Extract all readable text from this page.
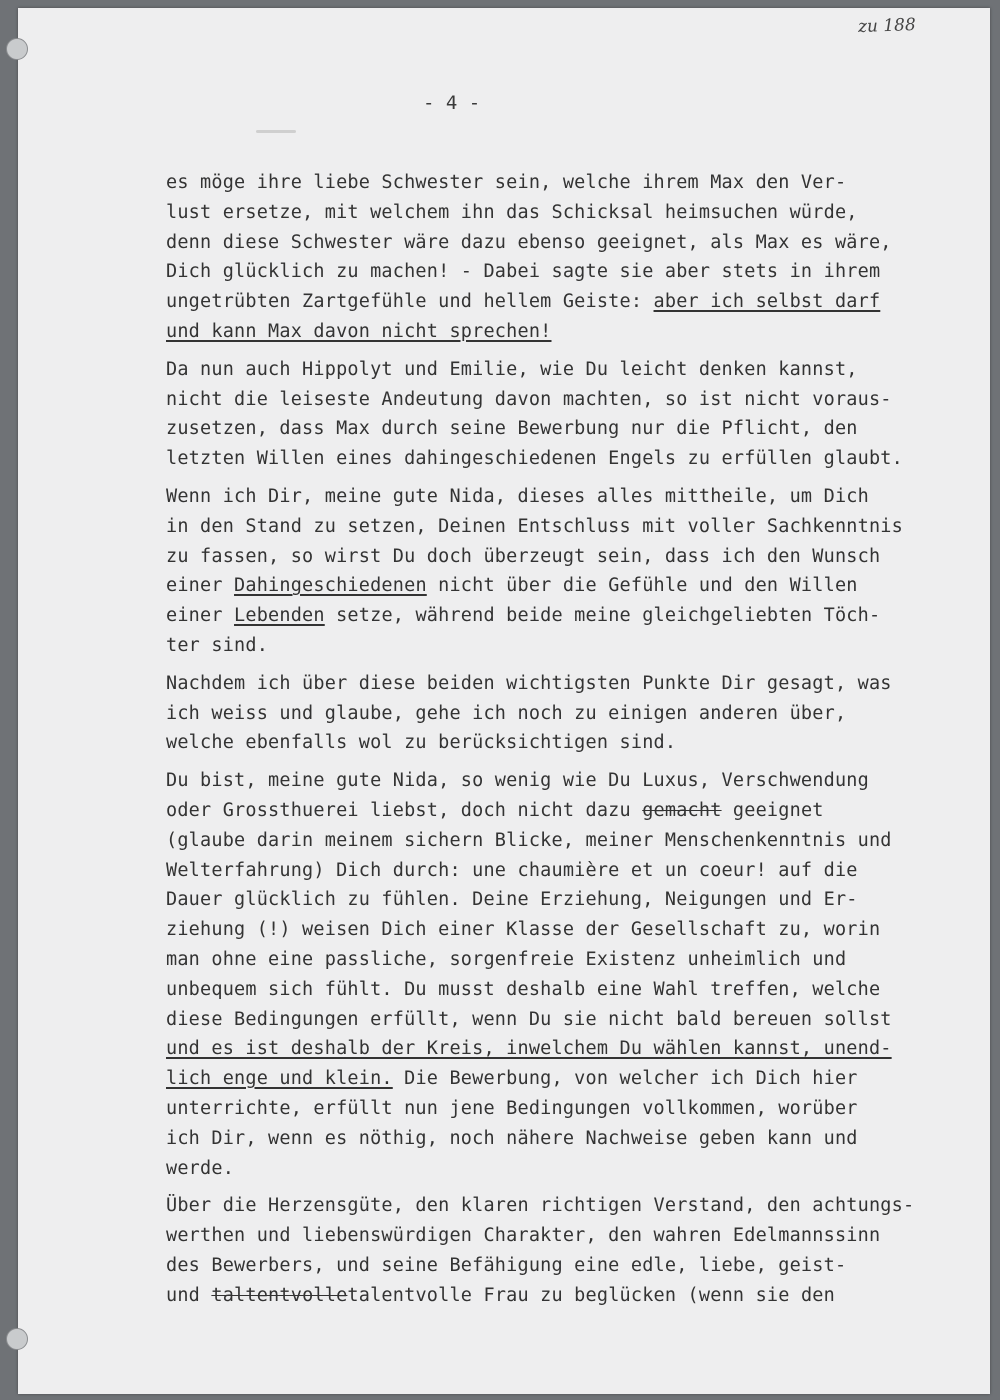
zu 188
- 4 -
es möge ihre liebe Schwester sein, welche ihrem Max den Ver-
lust ersetze, mit welchem ihn das Schicksal heimsuchen würde,
denn diese Schwester wäre dazu ebenso geeignet, als Max es wäre,
Dich glücklich zu machen! - Dabei sagte sie aber stets in ihrem
ungetrübten Zartgefühle und hellem Geiste: aber ich selbst darf
und kann Max davon nicht sprechen!
Da nun auch Hippolyt und Emilie, wie Du leicht denken kannst,
nicht die leiseste Andeutung davon machten, so ist nicht voraus-
zusetzen, dass Max durch seine Bewerbung nur die Pflicht, den
letzten Willen eines dahingeschiedenen Engels zu erfüllen glaubt.
Wenn ich Dir, meine gute Nida, dieses alles mittheile, um Dich
in den Stand zu setzen, Deinen Entschluss mit voller Sachkenntnis
zu fassen, so wirst Du doch überzeugt sein, dass ich den Wunsch
einer Dahingeschiedenen nicht über die Gefühle und den Willen
einer Lebenden setze, während beide meine gleichgeliebten Töch-
ter sind.
Nachdem ich über diese beiden wichtigsten Punkte Dir gesagt, was
ich weiss und glaube, gehe ich noch zu einigen anderen über,
welche ebenfalls wol zu berücksichtigen sind.
Du bist, meine gute Nida, so wenig wie Du Luxus, Verschwendung
oder Grossthuerei liebst, doch nicht dazu gemacht geeignet
(glaube darin meinem sichern Blicke, meiner Menschenkenntnis und
Welterfahrung) Dich durch: une chaumière et un coeur! auf die
Dauer glücklich zu fühlen. Deine Erziehung, Neigungen und Er-
ziehung (!) weisen Dich einer Klasse der Gesellschaft zu, worin
man ohne eine passliche, sorgenfreie Existenz unheimlich und
unbequem sich fühlt. Du musst deshalb eine Wahl treffen, welche
diese Bedingungen erfüllt, wenn Du sie nicht bald bereuen sollst
und es ist deshalb der Kreis, inwelchem Du wählen kannst, unend-
lich enge und klein. Die Bewerbung, von welcher ich Dich hier
unterrichte, erfüllt nun jene Bedingungen vollkommen, worüber
ich Dir, wenn es nöthig, noch nähere Nachweise geben kann und
werde.
Über die Herzensgüte, den klaren richtigen Verstand, den achtungs-
werthen und liebenswürdigen Charakter, den wahren Edelmannssinn
des Bewerbers, und seine Befähigung eine edle, liebe, geist-
und taltentvolletalentvolle Frau zu beglücken (wenn sie den
